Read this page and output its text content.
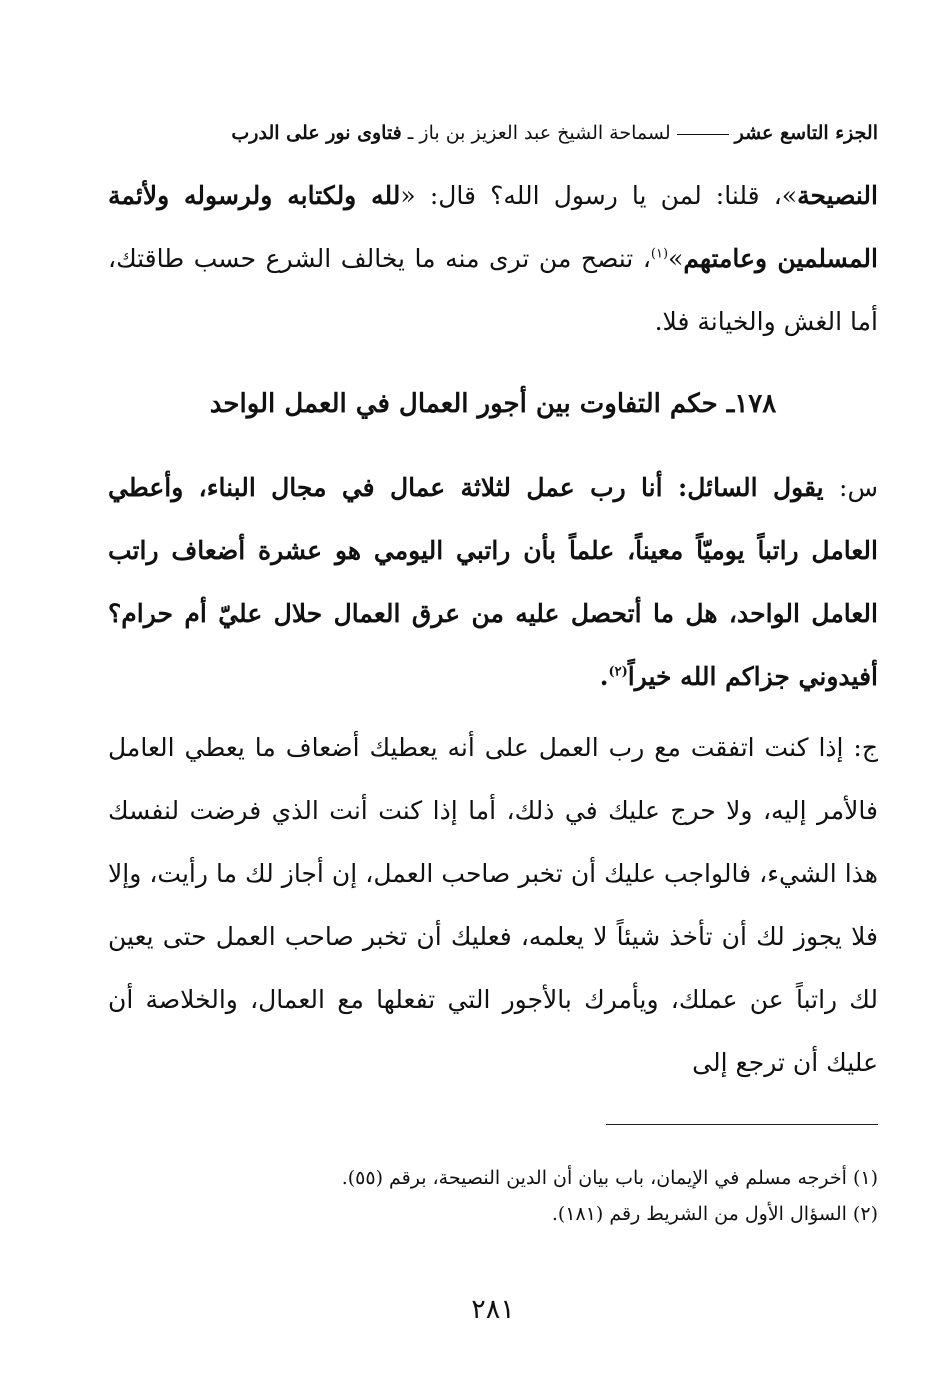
الجزء التاسع عشرلسماحة الشيخ عبد العزيز بن باز ـ فتاوى نور على الدرب
النصيحة»، قلنا: لمن يا رسول الله؟ قال: «لله ولكتابه ولرسوله ولأئمة المسلمين وعامتهم»$^{(١)}$، تنصح من ترى منه ما يخالف الشرع حسب طاقتك، أما الغش والخيانة فلا.
١٧٨ـ حكم التفاوت بين أجور العمال في العمل الواحد
س: يقول السائل: أنا رب عمل لثلاثة عمال في مجال البناء، وأعطي العامل راتباً يوميّاً معيناً، علماً بأن راتبي اليومي هو عشرة أضعاف راتب العامل الواحد، هل ما أتحصل عليه من عرق العمال حلال عليّ أم حرام؟ أفيدوني جزاكم الله خيراً$^{(٢)}$.
ج: إذا كنت اتفقت مع رب العمل على أنه يعطيك أضعاف ما يعطي العامل فالأمر إليه، ولا حرج عليك في ذلك، أما إذا كنت أنت الذي فرضت لنفسك هذا الشيء، فالواجب عليك أن تخبر صاحب العمل، إن أجاز لك ما رأيت، وإلا فلا يجوز لك أن تأخذ شيئاً لا يعلمه، فعليك أن تخبر صاحب العمل حتى يعين لك راتباً عن عملك، ويأمرك بالأجور التي تفعلها مع العمال، والخلاصة أن عليك أن ترجع إلى
(١) أخرجه مسلم في الإيمان، باب بيان أن الدين النصيحة، برقم (٥٥).
(٢) السؤال الأول من الشريط رقم (١٨١).
٢٨١
